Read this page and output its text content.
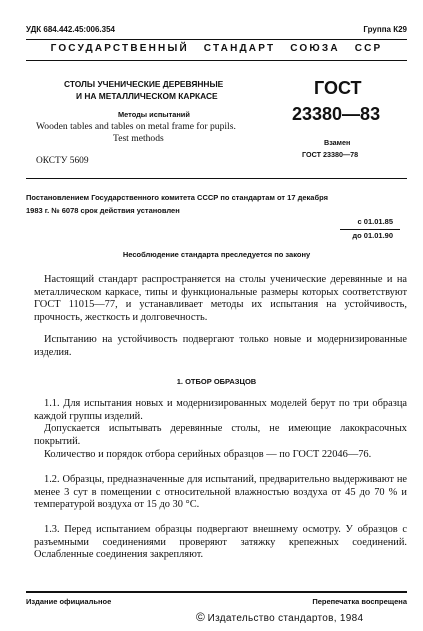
УДК 684.442.45:006.354	Группа К29
ГОСУДАРСТВЕННЫЙ   СТАНДАРТ   СОЮЗА   ССР
СТОЛЫ УЧЕНИЧЕСКИЕ ДЕРЕВЯННЫЕ
И НА МЕТАЛЛИЧЕСКОМ КАРКАСЕ
Методы испытаний
Wooden tables and tables on metal frame for pupils.
Test methods
ОКСТУ 5609
ГОСТ
23380—83
Взамен
ГОСТ 23380—78
Постановлением Государственного комитета СССР по стандартам от 17 декабря
1983 г. № 6078 срок действия установлен
с 01.01.85
до 01.01.90
Несоблюдение стандарта преследуется по закону
Настоящий стандарт распространяется на столы ученические деревянные и на металлическом каркасе, типы и функциональные размеры которых соответствуют ГОСТ 11015—77, и устанавливает методы их испытания на устойчивость, прочность, жесткость и долговечность.
Испытанию на устойчивость подвергают только новые и модернизированные изделия.
1. ОТБОР ОБРАЗЦОВ
1.1. Для испытания новых и модернизированных моделей берут по три образца каждой группы изделий.
Допускается испытывать деревянные столы, не имеющие лакокрасочных покрытий.
Количество и порядок отбора серийных образцов — по ГОСТ 22046—76.
1.2. Образцы, предназначенные для испытаний, предварительно выдерживают не менее 3 сут в помещении с относительной влажностью воздуха от 45 до 70 % и температурой воздуха от 15 до 30 °С.
1.3. Перед испытанием образцы подвергают внешнему осмотру. У образцов с разъемными соединениями проверяют затяжку крепежных соединений. Ослабленные соединения закрепляют.
Издание официальное	Перепечатка воспрещена
© Издательство стандартов, 1984
